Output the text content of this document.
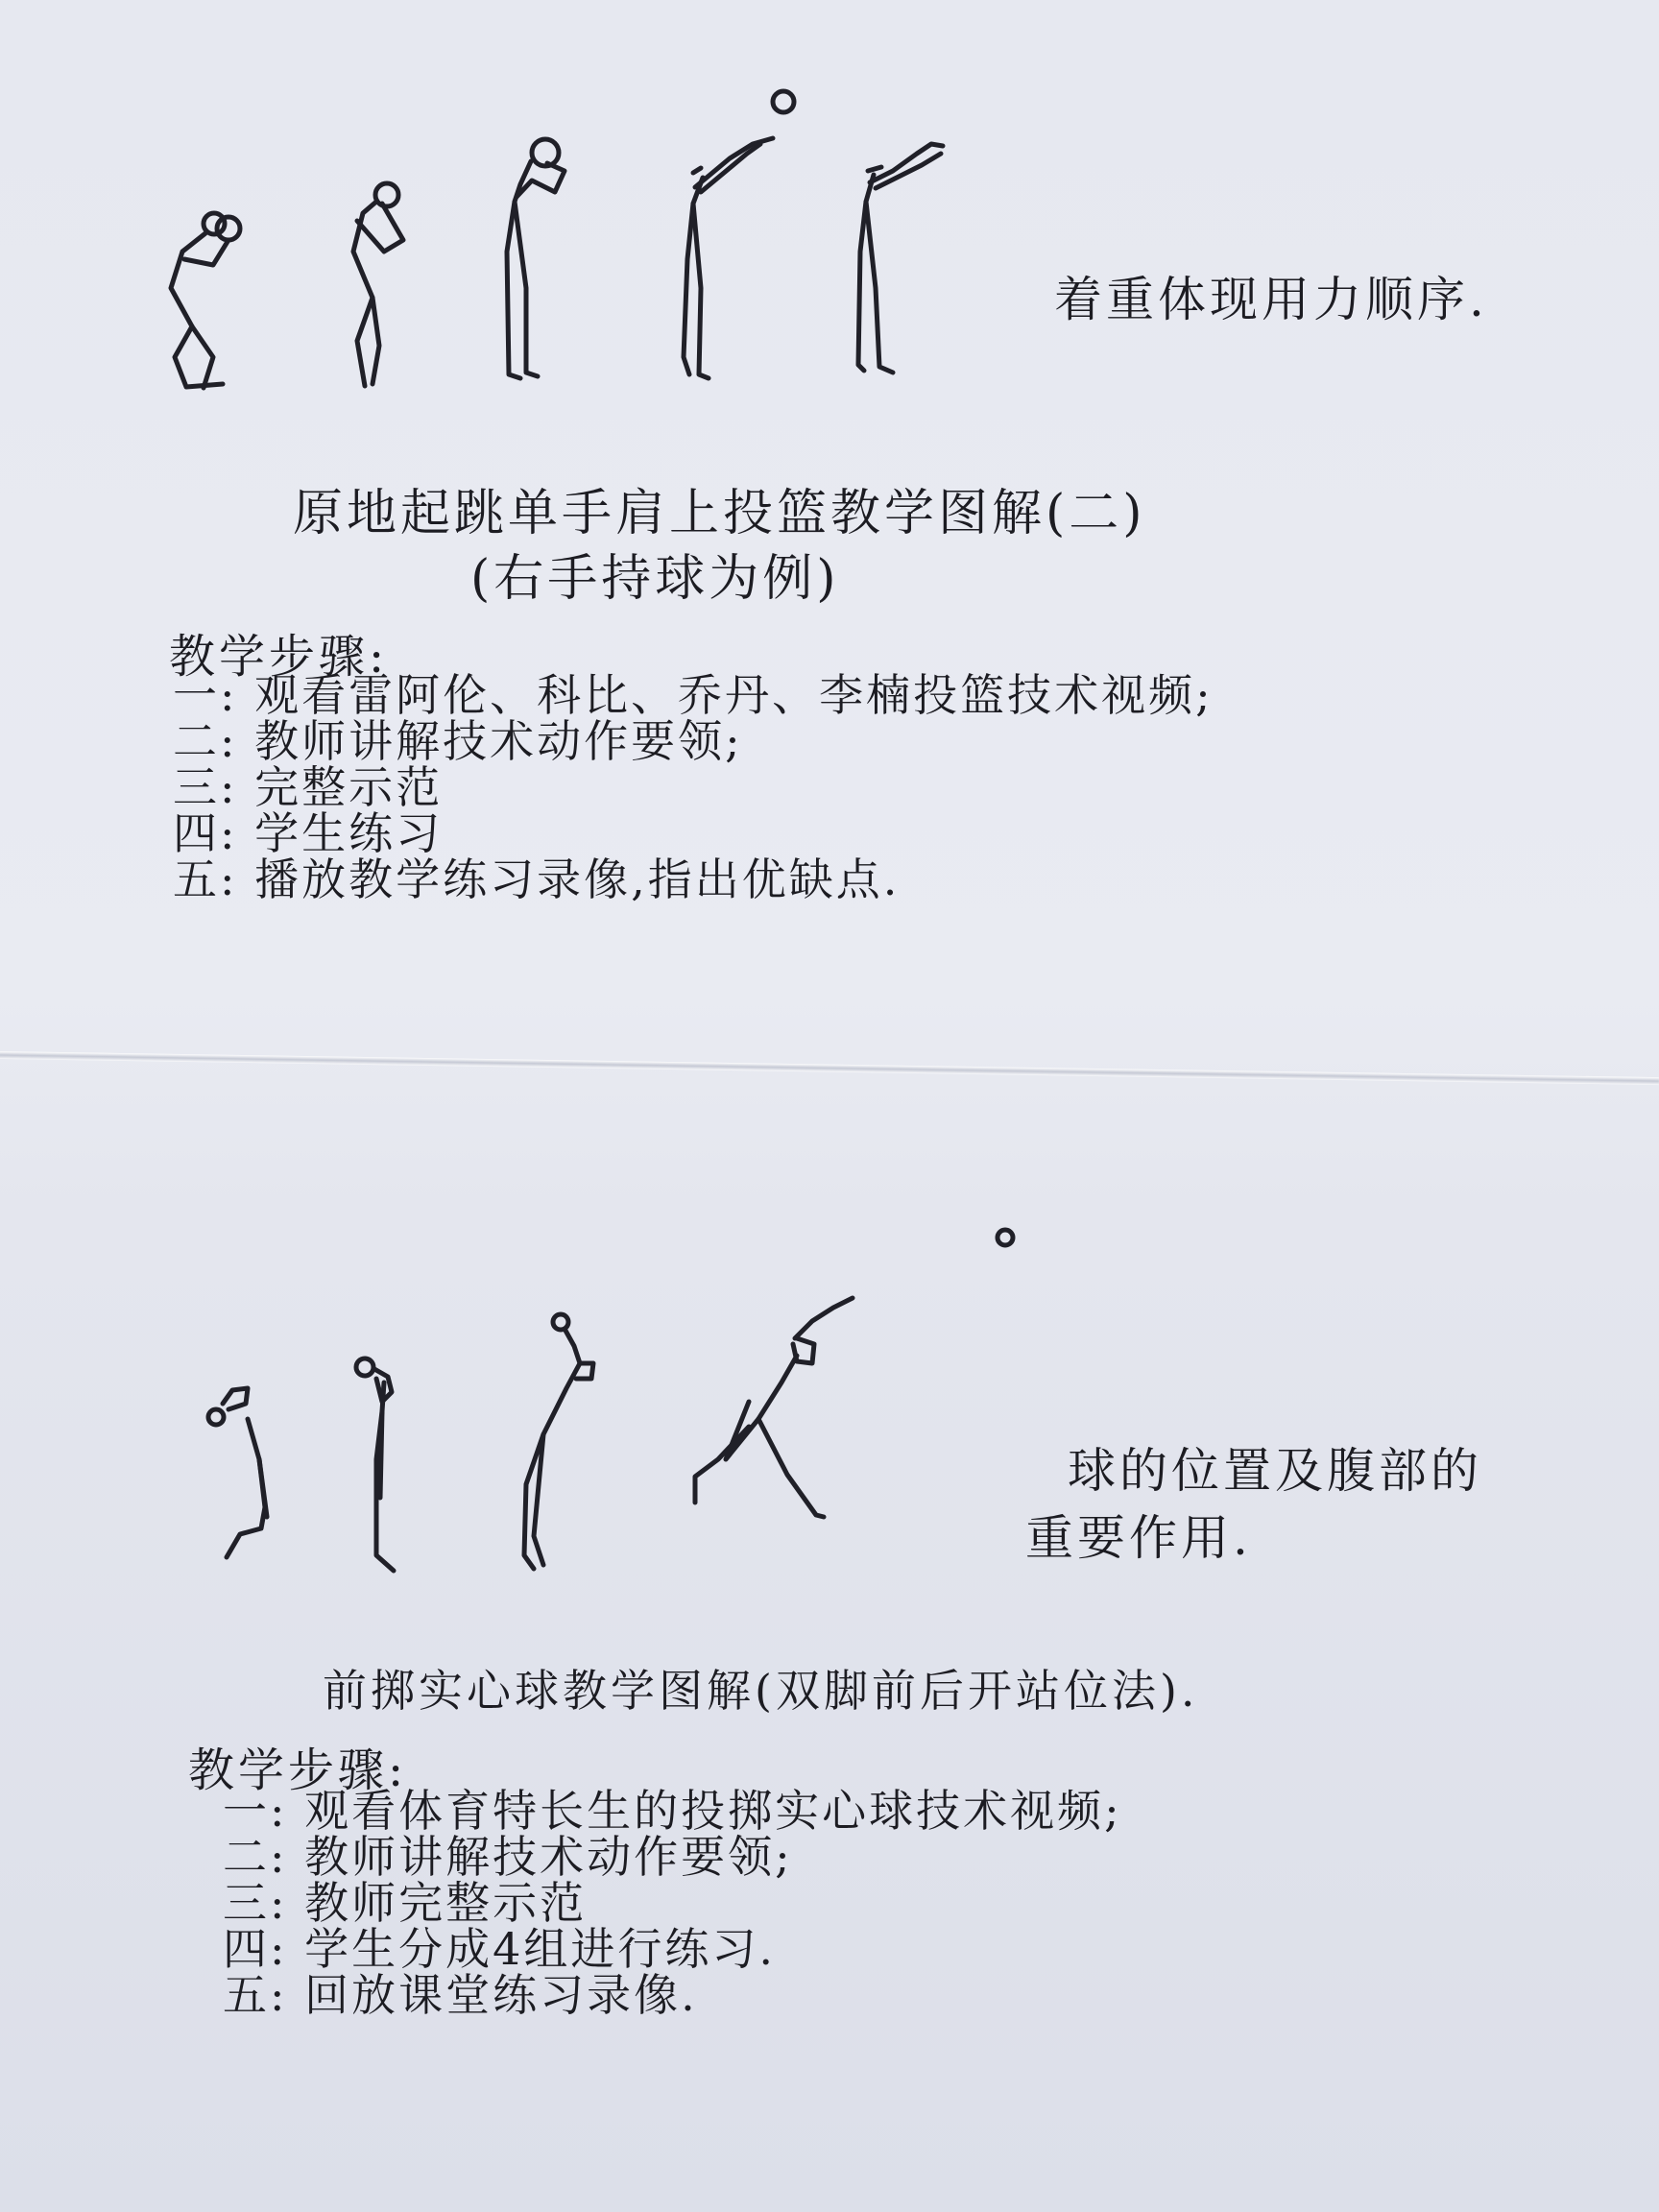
着重体现用力顺序.
原地起跳单手肩上投篮教学图解(二)
(右手持球为例)
教学步骤:
一: 观看雷阿伦、科比、乔丹、李楠投篮技术视频;
二: 教师讲解技术动作要领;
三: 完整示范
四: 学生练习
五: 播放教学练习录像,指出优缺点.
球的位置及腹部的
重要作用.
前掷实心球教学图解(双脚前后开站位法).
教学步骤:
一: 观看体育特长生的投掷实心球技术视频;
二: 教师讲解技术动作要领;
三: 教师完整示范
四: 学生分成4组进行练习.
五: 回放课堂练习录像.
